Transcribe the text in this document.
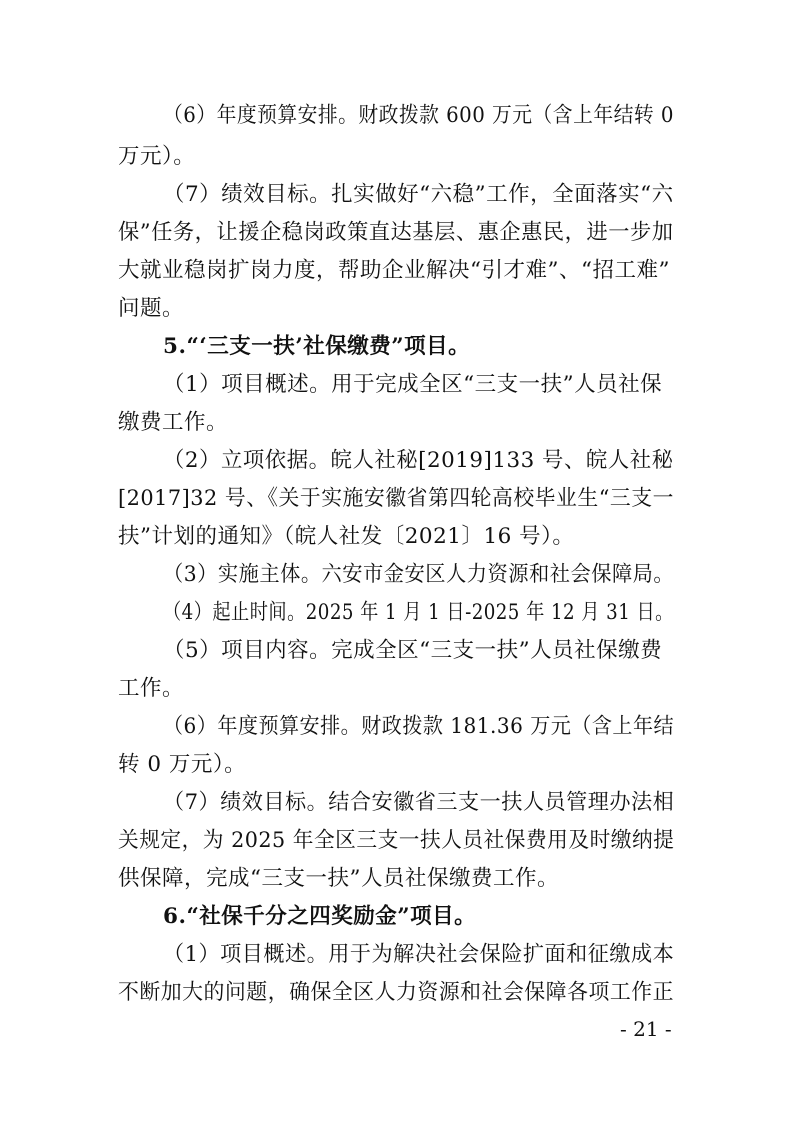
（6）年度预算安排。财政拨款 600 万元（含上年结转 0
万元）。
（7）绩效目标。扎实做好“六稳”工作，全面落实“六
保”任务，让援企稳岗政策直达基层、惠企惠民，进一步加
大就业稳岗扩岗力度，帮助企业解决“引才难”、“招工难”
问题。
5.“‘三支一扶’社保缴费”项目。
（1）项目概述。用于完成全区“三支一扶”人员社保
缴费工作。
（2）立项依据。皖人社秘[2019]133 号、皖人社秘
[2017]32 号、《关于实施安徽省第四轮高校毕业生“三支一
扶”计划的通知》（皖人社发〔2021〕16 号）。
（3）实施主体。六安市金安区人力资源和社会保障局。
（4）起止时间。2025 年 1 月 1 日-2025 年 12 月 31 日。
（5）项目内容。完成全区“三支一扶”人员社保缴费
工作。
（6）年度预算安排。财政拨款 181.36 万元（含上年结
转 0 万元）。
（7）绩效目标。结合安徽省三支一扶人员管理办法相
关规定，为 2025 年全区三支一扶人员社保费用及时缴纳提
供保障，完成“三支一扶”人员社保缴费工作。
6.“社保千分之四奖励金”项目。
（1）项目概述。用于为解决社会保险扩面和征缴成本
不断加大的问题，确保全区人力资源和社会保障各项工作正
- 21 -
